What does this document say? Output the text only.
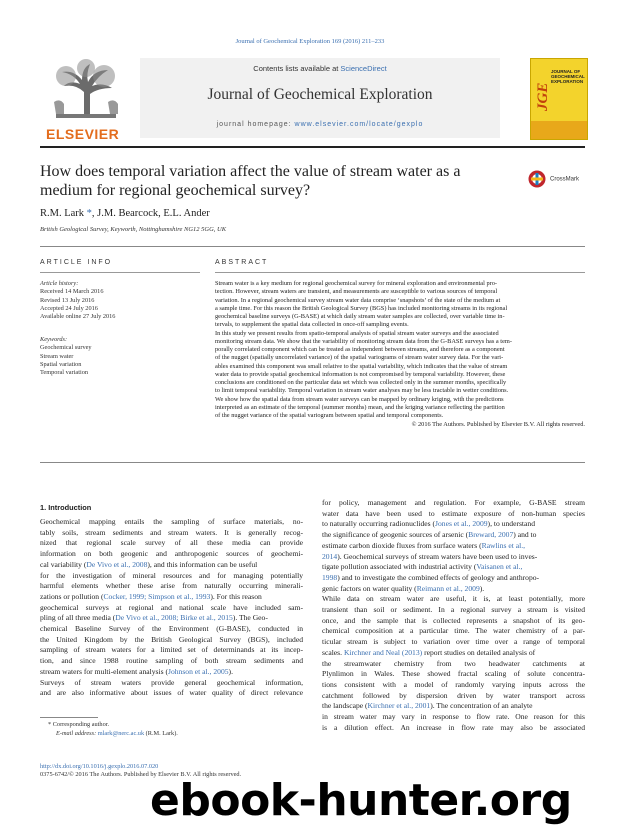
Journal of Geochemical Exploration 169 (2016) 211–233
ELSEVIER
Contents lists available at ScienceDirect
Journal of Geochemical Exploration
journal homepage: www.elsevier.com/locate/gexplo
JOURNAL OF GEOCHEMICAL EXPLORATION
JGE
How does temporal variation affect the value of stream water as a
medium for regional geochemical survey?
CrossMark
R.M. Lark *, J.M. Bearcock, E.L. Ander
British Geological Survey, Keyworth, Nottinghamshire NG12 5GG, UK
ARTICLE INFO	ABSTRACT
Article history:
Received 14 March 2016
Revised 13 July 2016
Accepted 24 July 2016
Available online 27 July 2016
Keywords:
Geochemical survey
Stream water
Spatial variation
Temporal variation
Stream water is a key medium for regional geochemical survey for mineral exploration and environmental pro-
tection. However, stream waters are transient, and measurements are susceptible to various sources of temporal
variation. In a regional geochemical survey stream water data comprise ‘snapshots’ of the state of the medium at
a sample time. For this reason the British Geological Survey (BGS) has included monitoring streams in its regional
geochemical baseline surveys (G-BASE) at which daily stream water samples are collected, over variable time in-
tervals, to supplement the spatial data collected in once-off sampling events.
In this study we present results from spatio-temporal analysis of spatial stream water surveys and the associated
monitoring stream data. We show that the variability of monitoring stream data from the G-BASE surveys has a tem-
porally correlated component which can be treated as independent between streams, and therefore as a component
of the nugget (spatially uncorrelated variance) of the spatial variograms of stream water survey data. For the vari-
ables examined this component was small relative to the spatial variability, which indicates that the value of stream
water data to provide spatial geochemical information is not compromised by temporal variability. However, these
conclusions are conditioned on the particular data set which was collected only in the summer months, specifically
to limit temporal variability. Temporal variation in stream water analyses may be less tractable in wetter conditions.
We show how the spatial data from stream water surveys can be mapped by ordinary kriging, with the predictions
interpreted as an estimate of the temporal (summer months) mean, and the kriging variance reflecting the partition
of the nugget variance of the spatial variogram between spatial and temporal components.
© 2016 The Authors. Published by Elsevier B.V. All rights reserved.
1. Introduction
Geochemical mapping entails the sampling of surface materials, no-
tably soils, stream sediments and stream waters. It is generally recog-
nized that regional scale survey of all these media can provide
information on both geogenic and anthropogenic sources of geochemi-
cal variability (De Vivo et al., 2008), and this information can be useful
for the investigation of mineral resources and for managing potentially
harmful elements whether these arise from naturally occurring minerali-
zations or pollution (Cocker, 1999; Simpson et al., 1993). For this reason
geochemical surveys at regional and national scale have included sam-
pling of all three media (De Vivo et al., 2008; Birke et al., 2015). The Geo-
chemical Baseline Survey of the Environment (G-BASE), conducted in
the United Kingdom by the British Geological Survey (BGS), included
sampling of stream waters for a limited set of determinands at its incep-
tion, and since 1988 routine sampling of both stream sediments and
stream waters for multi-element analysis (Johnson et al., 2005).
Surveys of stream waters provide general geochemical information,
and are also informative about issues of water quality of direct relevance
for policy, management and regulation. For example, G-BASE stream
water data have been used to estimate exposure of non-human species
to naturally occurring radionuclides (Jones et al., 2009), to understand
the significance of geogenic sources of arsenic (Breward, 2007) and to
estimate carbon dioxide fluxes from surface waters (Rawlins et al.,
2014). Geochemical surveys of stream waters have been used to inves-
tigate pollution associated with industrial activity (Vaisanen et al.,
1998) and to investigate the combined effects of geology and anthropo-
genic factors on water quality (Reimann et al., 2009).
While data on stream water are useful, it is, at least potentially, more
transient than soil or sediment. In a regional survey a stream is visited
once, and the sample that is collected represents a snapshot of its geo-
chemical composition at a particular time. The water chemistry of a par-
ticular stream is subject to variation over time over a range of temporal
scales. Kirchner and Neal (2013) report studies on detailed analysis of
the streamwater chemistry from two headwater catchments at
Plynlimon in Wales. These showed fractal scaling of solute concentra-
tions consistent with a model of randomly varying inputs across the
catchment followed by dispersion driven by water transport across
the landscape (Kirchner et al., 2001). The concentration of an analyte
in stream water may vary in response to flow rate. One reason for this
is a dilution effect. An increase in flow rate may also be associated
* Corresponding author.
E-mail address: mlark@nerc.ac.uk (R.M. Lark).
http://dx.doi.org/10.1016/j.gexplo.2016.07.020
0375-6742/© 2016 The Authors. Published by Elsevier B.V. All rights reserved.
ebook-hunter.org
